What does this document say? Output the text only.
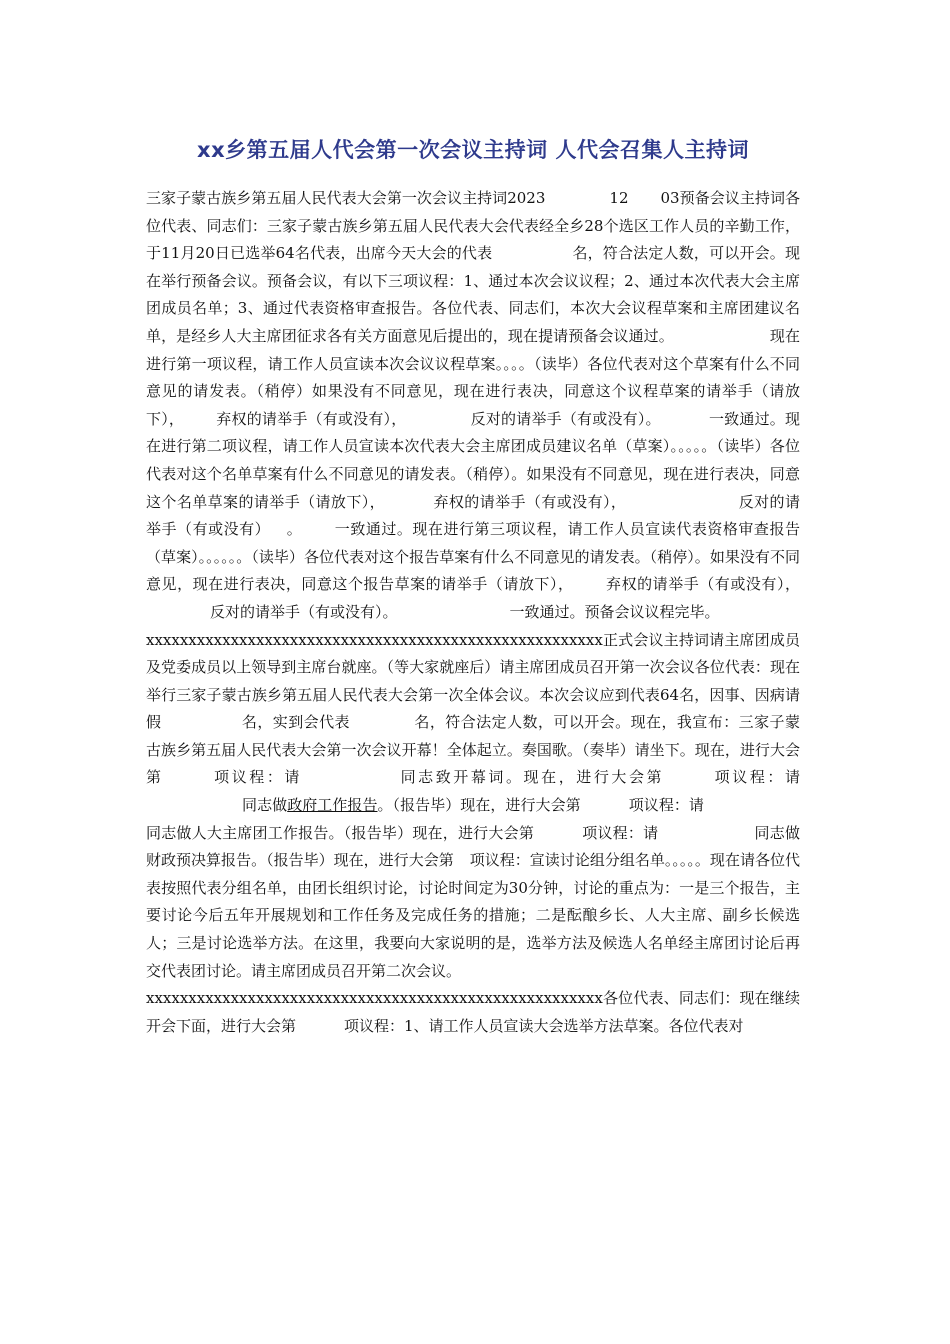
xx乡第五届人代会第一次会议主持词 人代会召集人主持词

三家子蒙古族乡第五届人民代表大会第一次会议主持词2023	12 03预备会议主持词各位代表、同志们：三家子蒙古族乡第五届人民代表大会代表经全乡28个选区工作人员的辛勤工作，于11月20日已选举64名代表，出席今天大会的代表	名，符合法定人数，可以开会。现在举行预备会议。预备会议，有以下三项议程：1、通过本次会议议程；2、通过本次代表大会主席团成员名单；3、通过代表资格审查报告。各位代表、同志们，本次大会议程草案和主席团建议名单，是经乡人大主席团征求各有关方面意见后提出的，现在提请预备会议通过。	现在进行第一项议程，请工作人员宣读本次会议议程草案。。。。（读毕）各位代表对这个草案有什么不同意见的请发表。（稍停）如果没有不同意见，现在进行表决，同意这个议程草案的请举手（请放下）， 弃权的请举手（有或没有），	反对的请举手（有或没有）。	一致通过。现在进行第二项议程，请工作人员宣读本次代表大会主席团成员建议名单（草案）。。。。。（读毕）各位代表对这个名单草案有什么不同意见的请发表。（稍停）。如果没有不同意见，现在进行表决，同意这个名单草案的请举手（请放下），	弃权的请举手（有或没有），	反对的请举手（有或没有） 。 一致通过。现在进行第三项议程，请工作人员宣读代表资格审查报告（草案）。。。。。。（读毕）各位代表对这个报告草案有什么不同意见的请发表。（稍停）。如果没有不同意见，现在进行表决，同意这个报告草案的请举手（请放下）， 弃权的请举手（有或没有），反对的请举手（有或没有）。	一致通过。预备会议议程完毕。

xxxxxxxxxxxxxxxxxxxxxxxxxxxxxxxxxxxxxxxxxxxxxxxxxxxxxx正式会议主持词请主席团成员及党委成员以上领导到主席台就座。（等大家就座后）请主席团成员召开第一次会议各位代表：现在举行三家子蒙古族乡第五届人民代表大会第一次全体会议。本次会议应到代表64名，因事、因病请假	名，实到会代表	名，符合法定人数，可以开会。现在，我宣布：三家子蒙古族乡第五届人民代表大会第一次会议开幕！全体起立。奏国歌。（奏毕）请坐下。现在，进行大会第	项议程：请	同志致开幕词。现在，进行大会第	项议程：请同志做政府工作报告。（报告毕）现在，进行大会第	项议程：请同志做人大主席团工作报告。（报告毕）现在，进行大会第	项议程：请	同志做财政预决算报告。（报告毕）现在，进行大会第 项议程：宣读讨论组分组名单。。。。。现在请各位代表按照代表分组名单，由团长组织讨论，讨论时间定为30分钟，讨论的重点为：一是三个报告，主要讨论今后五年开展规划和工作任务及完成任务的措施；二是酝酿乡长、人大主席、副乡长候选人；三是讨论选举方法。在这里，我要向大家说明的是，选举方法及候选人名单经主席团讨论后再交代表团讨论。请主席团成员召开第二次会议。

xxxxxxxxxxxxxxxxxxxxxxxxxxxxxxxxxxxxxxxxxxxxxxxxxxxxxx各位代表、同志们：现在继续开会下面，进行大会第	项议程：1、请工作人员宣读大会选举方法草案。各位代表对
